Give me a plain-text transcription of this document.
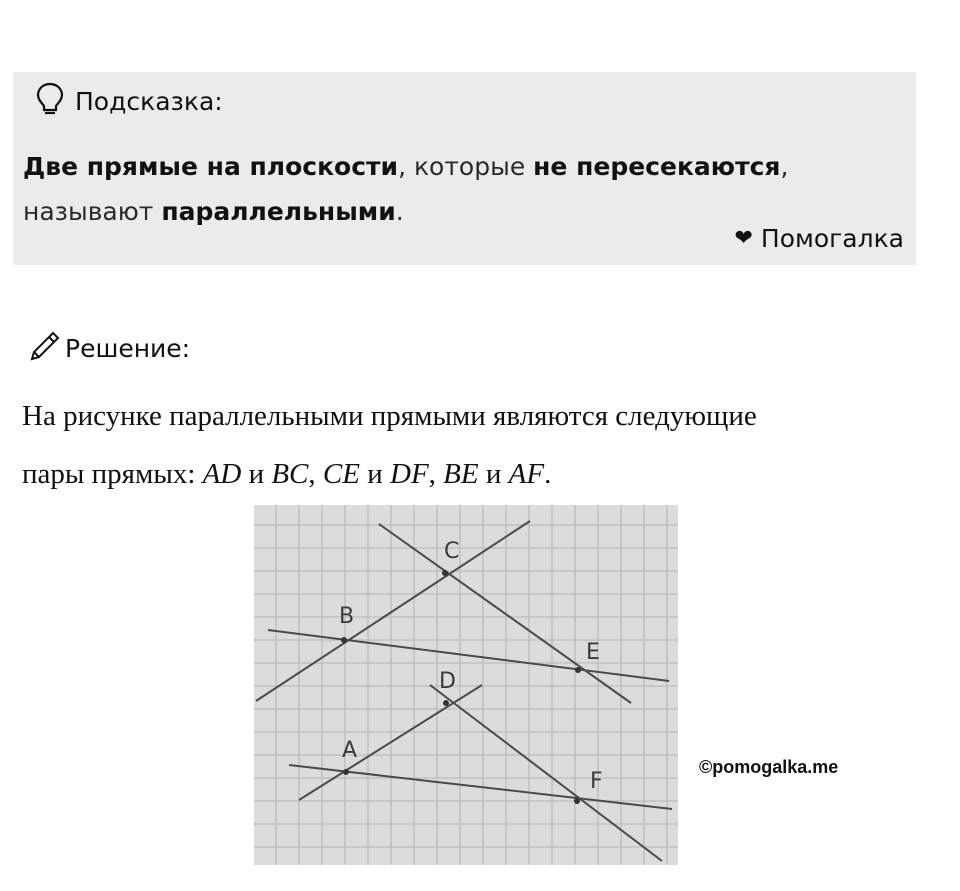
Подсказка:
Две прямые на плоскости, которые не пересекаются,
называют параллельными.
❤ Помогалка
Решение:
На рисунке параллельными прямыми являются следующие
пары прямых: AD и BC, CE и DF, BE и AF.
C
B
E
D
A
F
©pomogalka.me
